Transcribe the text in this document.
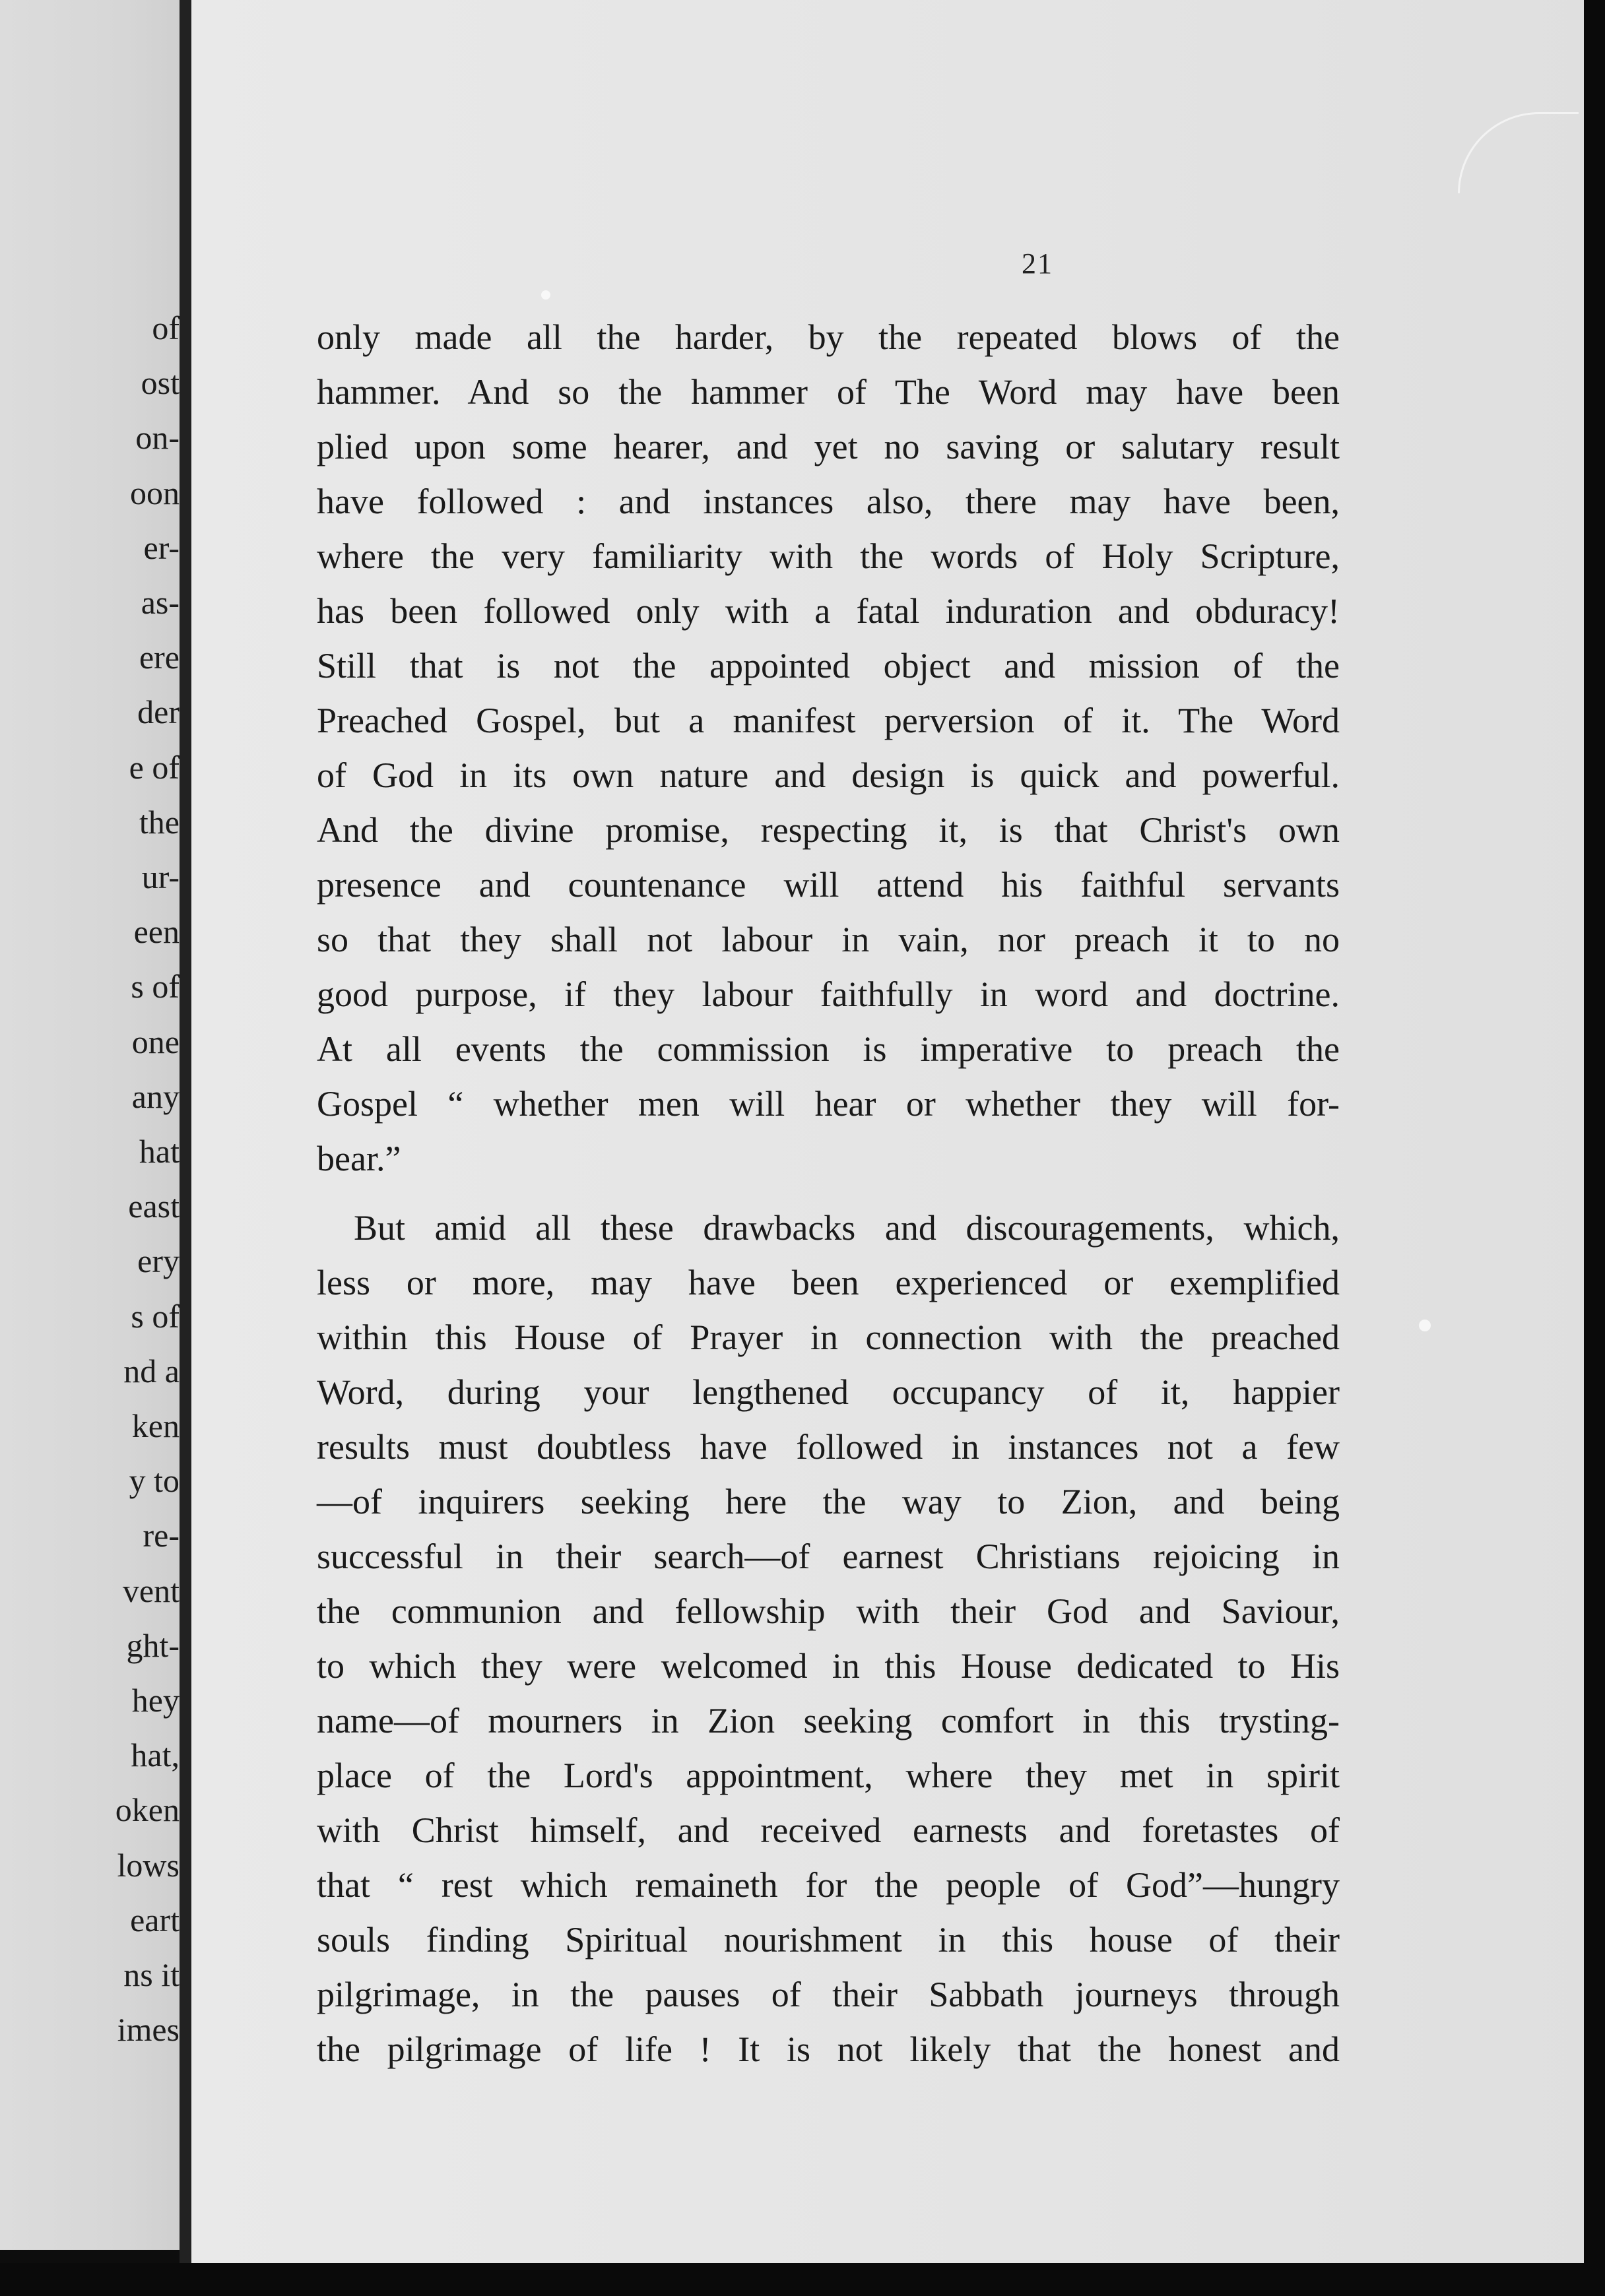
of
ost
on-
oon
er-
as-
ere
der
e of
the
ur-
een
s of
one
any
hat
east
ery
s of
nd a
ken
y to
re-
vent
ght-
hey
hat,
oken
lows
eart
ns it
imes
21
only made all the harder, by the repeated blows of the
hammer. And so the hammer of The Word may have been
plied upon some hearer, and yet no saving or salutary result
have followed : and instances also, there may have been,
where the very familiarity with the words of Holy Scripture,
has been followed only with a fatal induration and obduracy!
Still that is not the appointed object and mission of the
Preached Gospel, but a manifest perversion of it. The Word
of God in its own nature and design is quick and powerful.
And the divine promise, respecting it, is that Christ's own
presence and countenance will attend his faithful servants
so that they shall not labour in vain, nor preach it to no
good purpose, if they labour faithfully in word and doctrine.
At all events the commission is imperative to preach the
Gospel “ whether men will hear or whether they will for-
bear.”
But amid all these drawbacks and discouragements, which,
less or more, may have been experienced or exemplified
within this House of Prayer in connection with the preached
Word, during your lengthened occupancy of it, happier
results must doubtless have followed in instances not a few
—of inquirers seeking here the way to Zion, and being
successful in their search—of earnest Christians rejoicing in
the communion and fellowship with their God and Saviour,
to which they were welcomed in this House dedicated to His
name—of mourners in Zion seeking comfort in this trysting-
place of the Lord's appointment, where they met in spirit
with Christ himself, and received earnests and foretastes of
that “ rest which remaineth for the people of God”—hungry
souls finding Spiritual nourishment in this house of their
pilgrimage, in the pauses of their Sabbath journeys through
the pilgrimage of life ! It is not likely that the honest and
